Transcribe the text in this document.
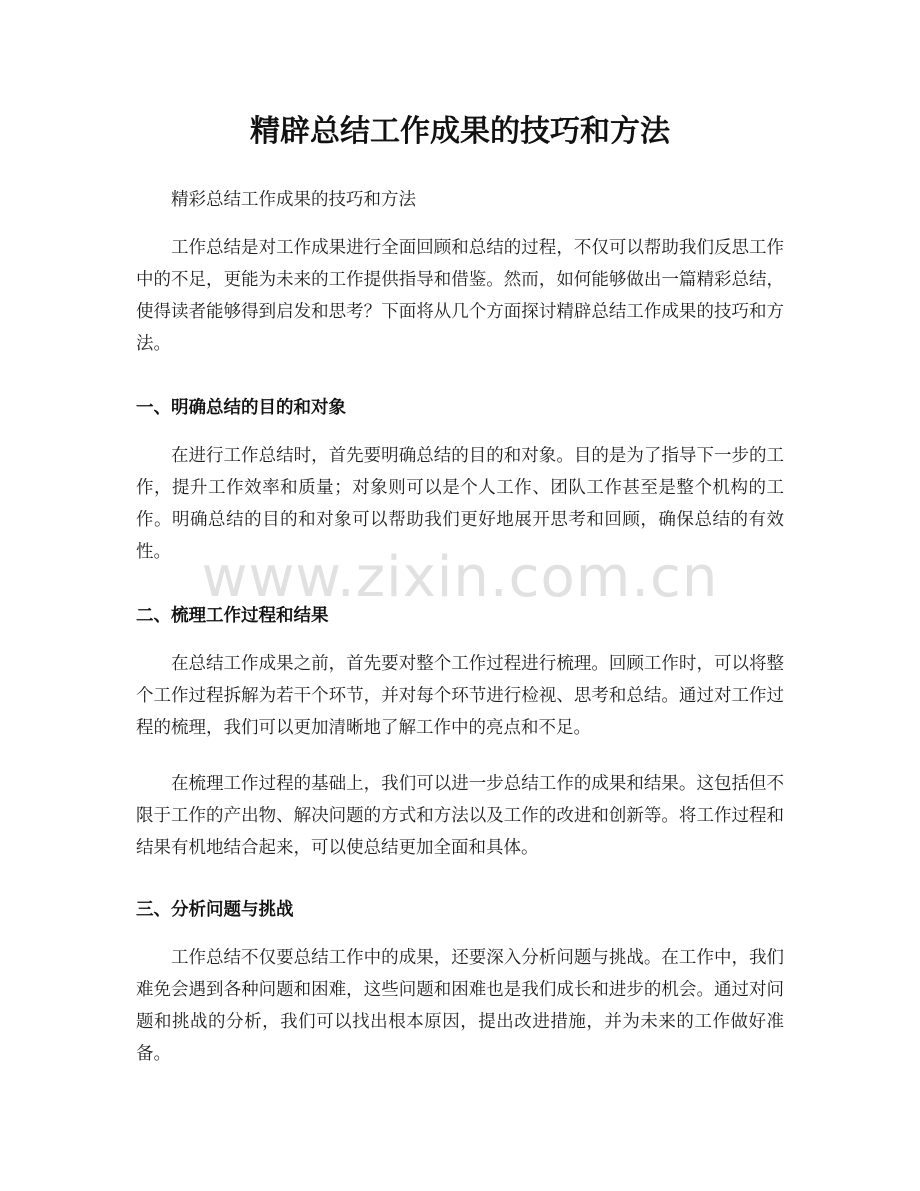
精辟总结工作成果的技巧和方法

精彩总结工作成果的技巧和方法

工作总结是对工作成果进行全面回顾和总结的过程，不仅可以帮助我们反思工作中的不足，更能为未来的工作提供指导和借鉴。然而，如何能够做出一篇精彩总结，使得读者能够得到启发和思考？下面将从几个方面探讨精辟总结工作成果的技巧和方法。

一、明确总结的目的和对象

在进行工作总结时，首先要明确总结的目的和对象。目的是为了指导下一步的工作，提升工作效率和质量；对象则可以是个人工作、团队工作甚至是整个机构的工作。明确总结的目的和对象可以帮助我们更好地展开思考和回顾，确保总结的有效性。

二、梳理工作过程和结果

在总结工作成果之前，首先要对整个工作过程进行梳理。回顾工作时，可以将整个工作过程拆解为若干个环节，并对每个环节进行检视、思考和总结。通过对工作过程的梳理，我们可以更加清晰地了解工作中的亮点和不足。

在梳理工作过程的基础上，我们可以进一步总结工作的成果和结果。这包括但不限于工作的产出物、解决问题的方式和方法以及工作的改进和创新等。将工作过程和结果有机地结合起来，可以使总结更加全面和具体。

三、分析问题与挑战

工作总结不仅要总结工作中的成果，还要深入分析问题与挑战。在工作中，我们难免会遇到各种问题和困难，这些问题和困难也是我们成长和进步的机会。通过对问题和挑战的分析，我们可以找出根本原因，提出改进措施，并为未来的工作做好准备。

www.zixin.com.cn
